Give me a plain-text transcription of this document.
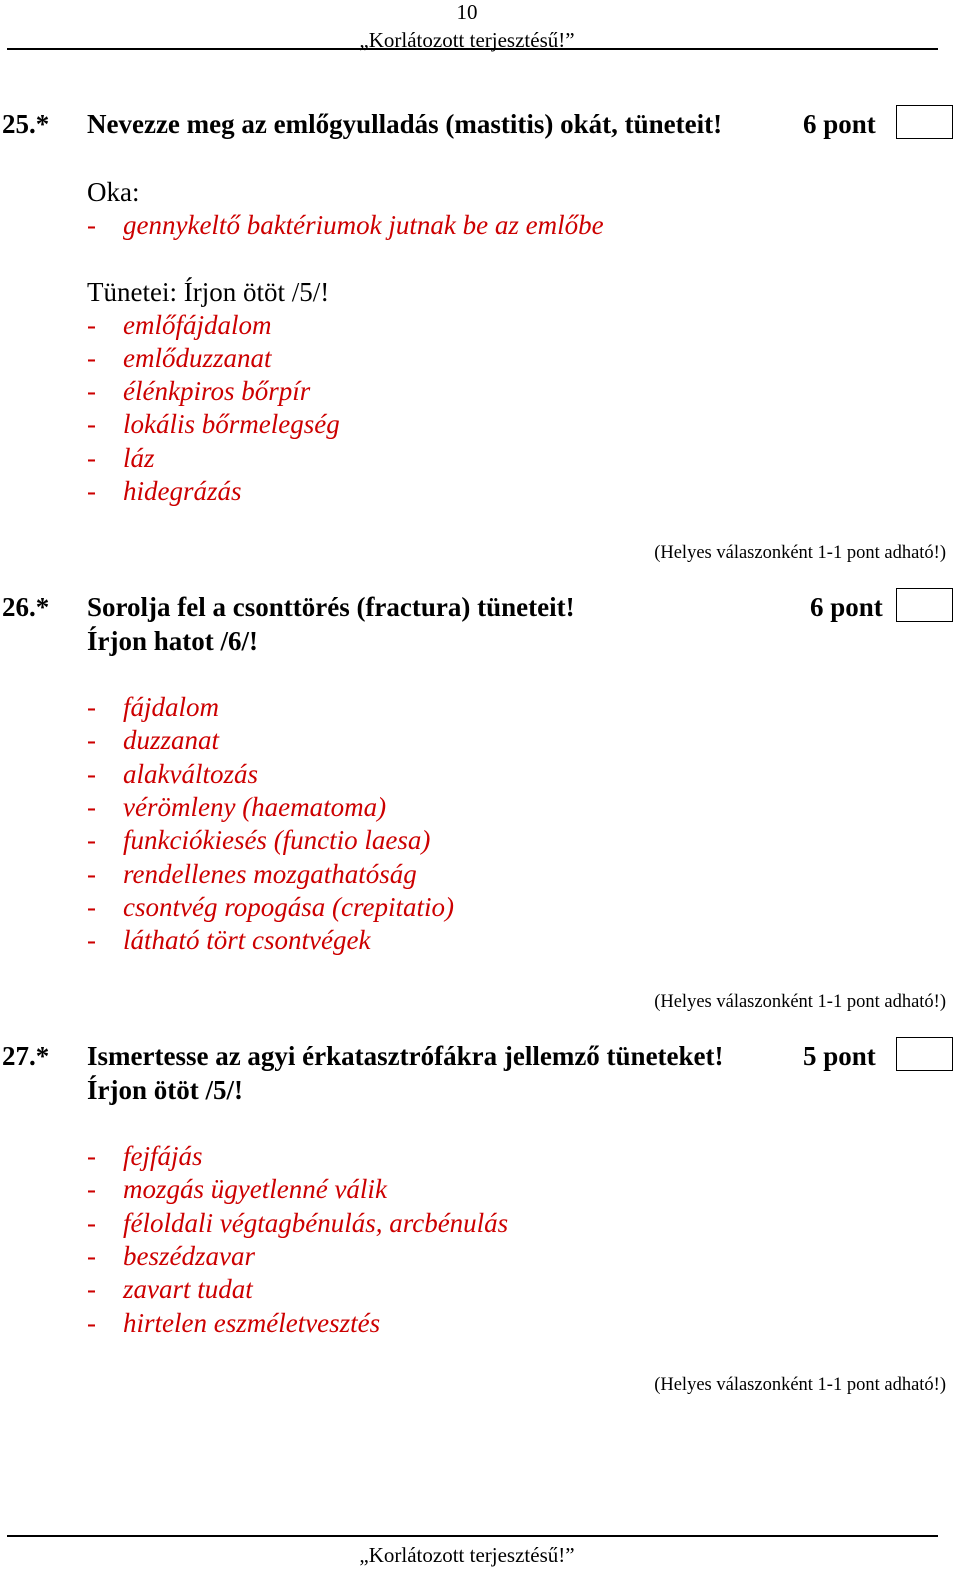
10
„Korlátozott terjesztésű!”
25.* Nevezze meg az emlőgyulladás (mastitis) okát, tüneteit!	6 pont
Oka:
- gennykeltő baktériumok jutnak be az emlőbe
Tünetei: Írjon ötöt /5/!
- emlőfájdalom
- emlőduzzanat
- élénkpiros bőrpír
- lokális bőrmelegség
- láz
- hidegrázás
(Helyes válaszonként 1-1 pont adható!)
26.* Sorolja fel a csonttörés (fractura) tüneteit!
Írjon hatot /6/!
6 pont
- fájdalom
- duzzanat
- alakváltozás
- vérömleny (haematoma)
- funkciókiesés (functio laesa)
- rendellenes mozgathatóság
- csontvég ropogása (crepitatio)
- látható tört csontvégek
(Helyes válaszonként 1-1 pont adható!)
27.* Ismertesse az agyi érkatasztrófákra jellemző tüneteket!
Írjon ötöt /5/!
5 pont
- fejfájás
- mozgás ügyetlenné válik
- féloldali végtagbénulás, arcbénulás
- beszédzavar
- zavart tudat
- hirtelen eszméletvesztés
(Helyes válaszonként 1-1 pont adható!)
„Korlátozott terjesztésű!”
